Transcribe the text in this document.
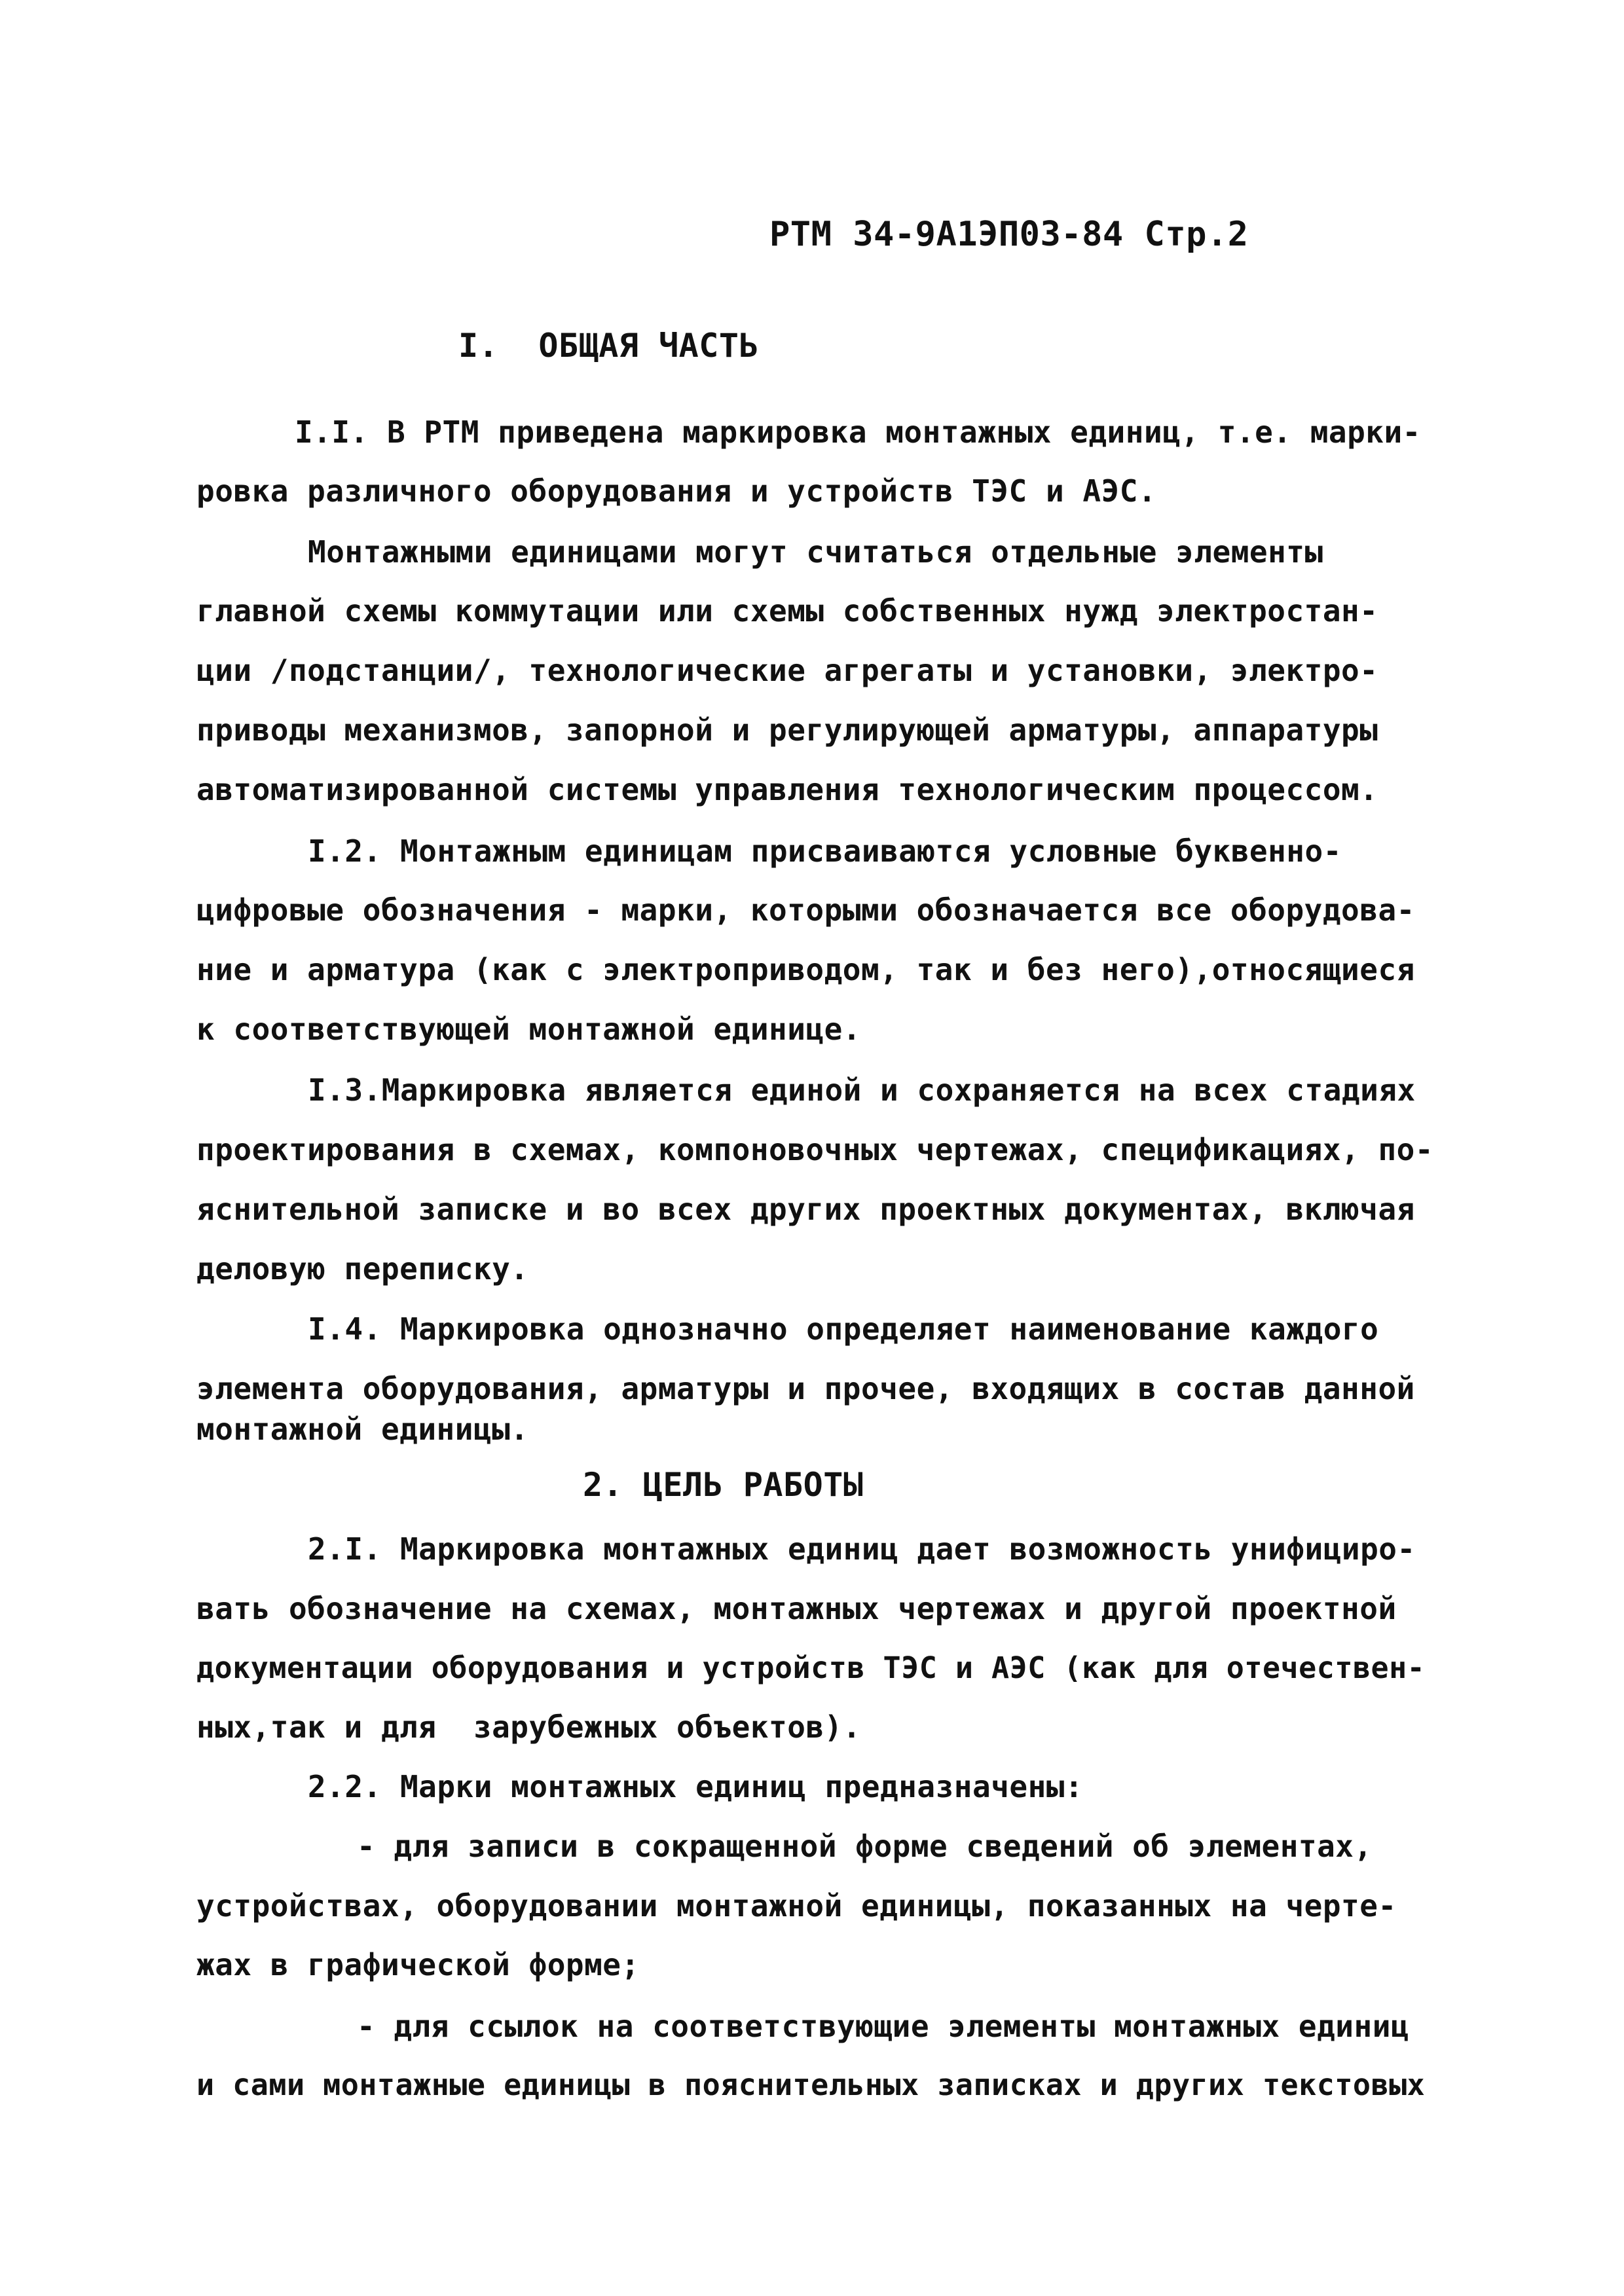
РТМ 34-9А1ЭП03-84 Стр.2
I.  ОБЩАЯ ЧАСТЬ
I.I. В РТМ приведена маркировка монтажных единиц, т.е. марки-
ровка различного оборудования и устройств ТЭС и АЭС.
Монтажными единицами могут считаться отдельные элементы
главной схемы коммутации или схемы собственных нужд электростан-
ции /подстанции/, технологические агрегаты и установки, электро-
приводы механизмов, запорной и регулирующей арматуры, аппаратуры
автоматизированной системы управления технологическим процессом.
I.2. Монтажным единицам присваиваются условные буквенно-
цифровые обозначения - марки, которыми обозначается все оборудова-
ние и арматура (как с электроприводом, так и без него),относящиеся
к соответствующей монтажной единице.
I.3.Маркировка является единой и сохраняется на всех стадиях
проектирования в схемах, компоновочных чертежах, спецификациях, по-
яснительной записке и во всех других проектных документах, включая
деловую переписку.
I.4. Маркировка однозначно определяет наименование каждого
элемента оборудования, арматуры и прочее, входящих в состав данной
монтажной единицы.
2. ЦЕЛЬ РАБОТЫ
2.I. Маркировка монтажных единиц дает возможность унифициро-
вать обозначение на схемах, монтажных чертежах и другой проектной
документации оборудования и устройств ТЭС и АЭС (как для отечествен-
ных,так и для  зарубежных объектов).
2.2. Марки монтажных единиц предназначены:
- для записи в сокращенной форме сведений об элементах,
устройствах, оборудовании монтажной единицы, показанных на черте-
жах в графической форме;
- для ссылок на соответствующие элементы монтажных единиц
и сами монтажные единицы в пояснительных записках и других текстовых
